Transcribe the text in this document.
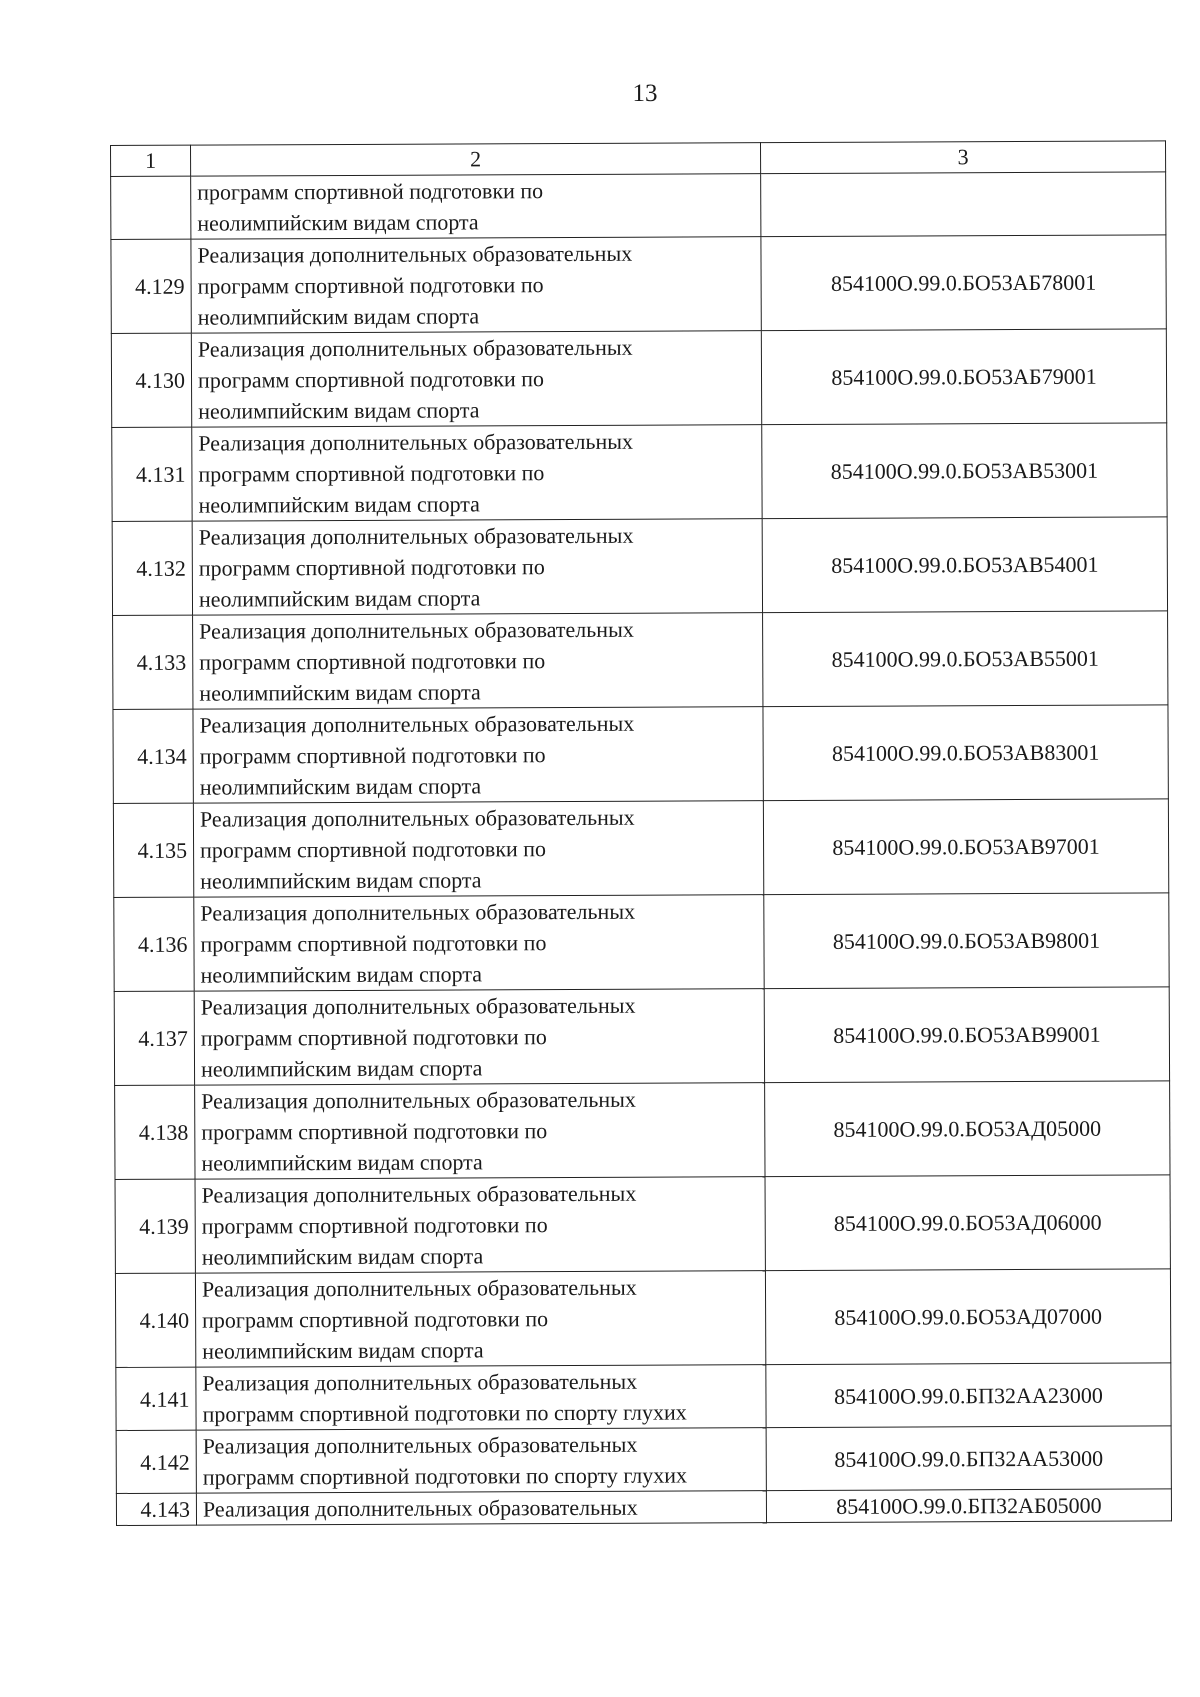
13
1	2	3

	программ спортивной подготовки по
неолимпийским видам спорта	

4.129	Реализация дополнительных образовательных
программ спортивной подготовки по
неолимпийским видам спорта	854100О.99.0.БО53АБ78001
4.130	Реализация дополнительных образовательных
программ спортивной подготовки по
неолимпийским видам спорта	854100О.99.0.БО53АБ79001
4.131	Реализация дополнительных образовательных
программ спортивной подготовки по
неолимпийским видам спорта	854100О.99.0.БО53АВ53001
4.132	Реализация дополнительных образовательных
программ спортивной подготовки по
неолимпийским видам спорта	854100О.99.0.БО53АВ54001
4.133	Реализация дополнительных образовательных
программ спортивной подготовки по
неолимпийским видам спорта	854100О.99.0.БО53АВ55001
4.134	Реализация дополнительных образовательных
программ спортивной подготовки по
неолимпийским видам спорта	854100О.99.0.БО53АВ83001
4.135	Реализация дополнительных образовательных
программ спортивной подготовки по
неолимпийским видам спорта	854100О.99.0.БО53АВ97001
4.136	Реализация дополнительных образовательных
программ спортивной подготовки по
неолимпийским видам спорта	854100О.99.0.БО53АВ98001
4.137	Реализация дополнительных образовательных
программ спортивной подготовки по
неолимпийским видам спорта	854100О.99.0.БО53АВ99001
4.138	Реализация дополнительных образовательных
программ спортивной подготовки по
неолимпийским видам спорта	854100О.99.0.БО53АД05000
4.139	Реализация дополнительных образовательных
программ спортивной подготовки по
неолимпийским видам спорта	854100О.99.0.БО53АД06000
4.140	Реализация дополнительных образовательных
программ спортивной подготовки по
неолимпийским видам спорта	854100О.99.0.БО53АД07000
4.141	Реализация дополнительных образовательных
программ спортивной подготовки по спорту глухих	854100О.99.0.БП32АА23000
4.142	Реализация дополнительных образовательных
программ спортивной подготовки по спорту глухих	854100О.99.0.БП32АА53000
4.143	Реализация дополнительных образовательных	854100О.99.0.БП32АБ05000
